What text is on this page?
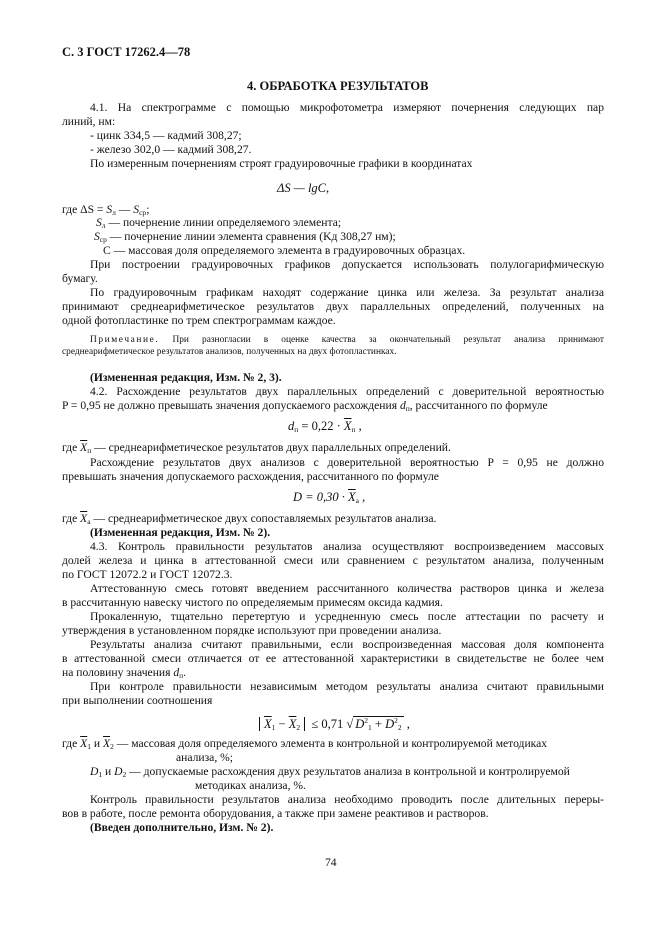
С. 3 ГОСТ 17262.4—78
4. ОБРАБОТКА РЕЗУЛЬТАТОВ
4.1. На спектрограмме с помощью микрофотометра измеряют почернения следующих пар
линий, нм:
- цинк 334,5 — кадмий 308,27;
- железо 302,0 — кадмий 308,27.
По измеренным почернениям строят градуировочные графики в координатах
ΔS — lgC,
где $\Delta S = S_л$ — $S_{ср}$;
$S_л$ — почернение линии определяемого элемента;
$S_{ср}$ — почернение линии элемента сравнения (Kд 308,27 нм);
C — массовая доля определяемого элемента в градуировочных образцах.
При построении градуировочных графиков допускается использовать полулогарифмическую
бумагу.
По градуировочным графикам находят содержание цинка или железа. За результат анализа
принимают среднеарифметическое результатов двух параллельных определений, полученных на
одной фотопластинке по трем спектрограммам каждое.
Примечание. При разногласии в оценке качества за окончательный результат анализа принимают
среднеарифметическое результатов анализов, полученных на двух фотопластинках.
(Измененная редакция, Изм. № 2, 3).
4.2. Расхождение результатов двух параллельных определений с доверительной вероятностью
P = 0,95 не должно превышать значения допускаемого расхождения $d_п$, рассчитанного по формуле
$d_п = 0,22 \cdot \overline{X}_п$ ,
где $\overline{X}_п$ — среднеарифметическое результатов двух параллельных определений.
Расхождение результатов двух анализов с доверительной вероятностью P = 0,95 не должно
превышать значения допускаемого расхождения, рассчитанного по формуле
$D = 0,30 \cdot \overline{X}_а$ ,
где $\overline{X}_а$ — среднеарифметическое двух сопоставляемых результатов анализа.
(Измененная редакция, Изм. № 2).
4.3. Контроль правильности результатов анализа осуществляют воспроизведением массовых
долей железа и цинка в аттестованной смеси или сравнением с результатом анализа, полученным
по ГОСТ 12072.2 и ГОСТ 12072.3.
Аттестованную смесь готовят введением рассчитанного количества растворов цинка и железа
в рассчитанную навеску чистого по определяемым примесям оксида кадмия.
Прокаленную, тщательно перетертую и усредненную смесь после аттестации по расчету и
утверждения в установленном порядке используют при проведении анализа.
Результаты анализа считают правильными, если воспроизведенная массовая доля компонента
в аттестованной смеси отличается от ее аттестованной характеристики в свидетельстве не более чем
на половину значения $d_п$.
При контроле правильности независимым методом результаты анализа считают правильными
при выполнении соотношения
$\overline{X}_1 - \overline{X}_2 \le 0,71$ √ $D^2_1 + D^2_2$ ,
где $\overline{X}_1$ и $\overline{X}_2$ — массовая доля определяемого элемента в контрольной и контролируемой методиках
анализа, %;
$D_1$ и $D_2$ — допускаемые расхождения двух результатов анализа в контрольной и контролируемой
методиках анализа, %.
Контроль правильности результатов анализа необходимо проводить после длительных переры-
вов в работе, после ремонта оборудования, а также при замене реактивов и растворов.
(Введен дополнительно, Изм. № 2).
74
